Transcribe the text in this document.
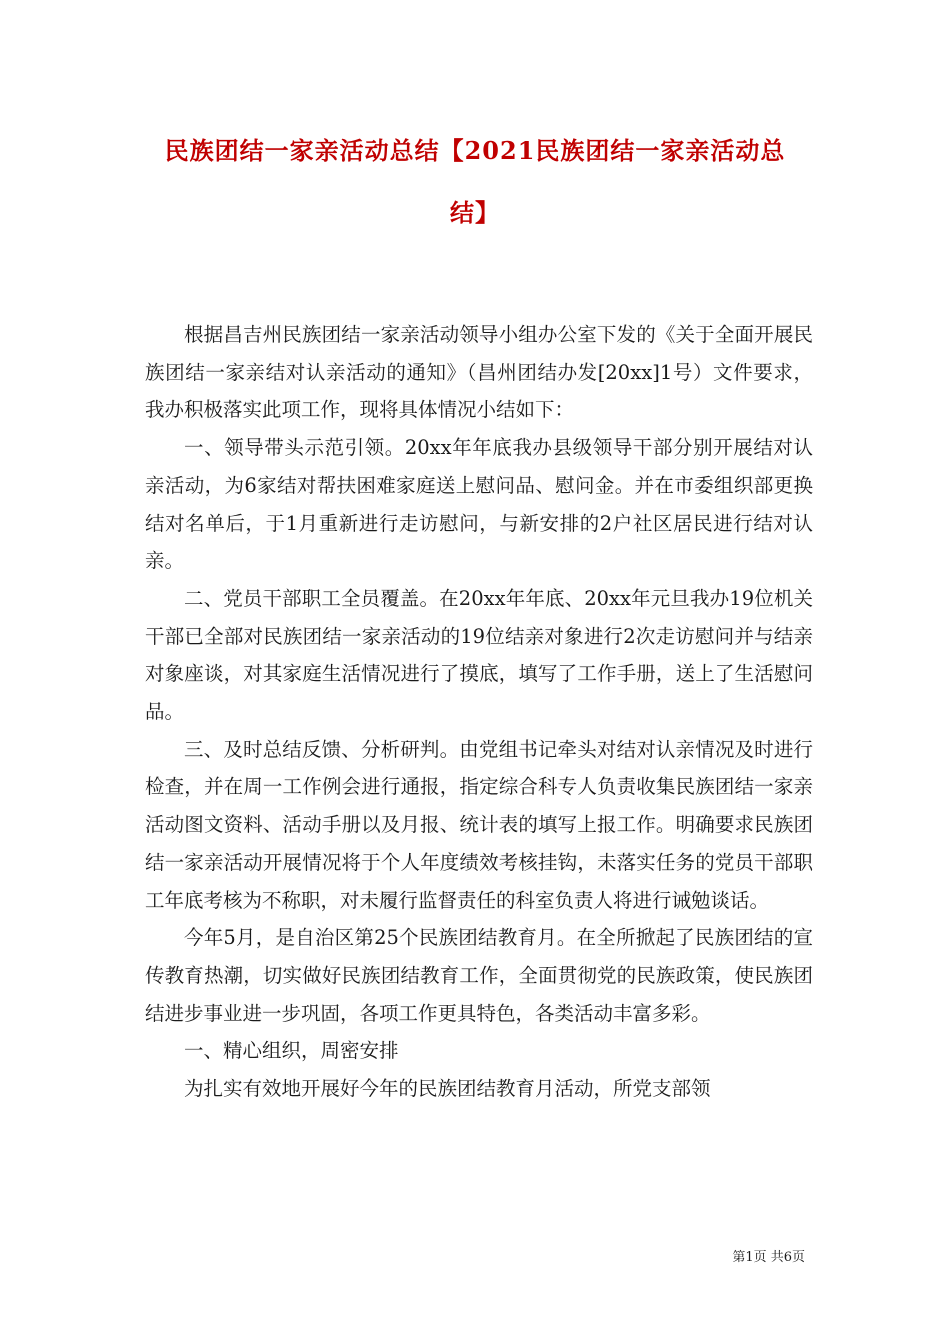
民族团结一家亲活动总结【2021民族团结一家亲活动总
结】

根据昌吉州民族团结一家亲活动领导小组办公室下发的《关于全面开展民族团结一家亲结对认亲活动的通知》（昌州团结办发[20xx]1号）文件要求，我办积极落实此项工作，现将具体情况小结如下：

一、领导带头示范引领。20xx年年底我办县级领导干部分别开展结对认亲活动，为6家结对帮扶困难家庭送上慰问品、慰问金。并在市委组织部更换结对名单后，于1月重新进行走访慰问，与新安排的2户社区居民进行结对认亲。

二、党员干部职工全员覆盖。在20xx年年底、20xx年元旦我办19位机关干部已全部对民族团结一家亲活动的19位结亲对象进行2次走访慰问并与结亲对象座谈，对其家庭生活情况进行了摸底，填写了工作手册，送上了生活慰问品。

三、及时总结反馈、分析研判。由党组书记牵头对结对认亲情况及时进行检查，并在周一工作例会进行通报，指定综合科专人负责收集民族团结一家亲活动图文资料、活动手册以及月报、统计表的填写上报工作。明确要求民族团结一家亲活动开展情况将于个人年度绩效考核挂钩，未落实任务的党员干部职工年底考核为不称职，对未履行监督责任的科室负责人将进行诫勉谈话。

今年5月，是自治区第25个民族团结教育月。在全所掀起了民族团结的宣传教育热潮，切实做好民族团结教育工作，全面贯彻党的民族政策，使民族团结进步事业进一步巩固，各项工作更具特色，各类活动丰富多彩。

一、精心组织，周密安排

为扎实有效地开展好今年的民族团结教育月活动，所党支部领

第1页 共6页
